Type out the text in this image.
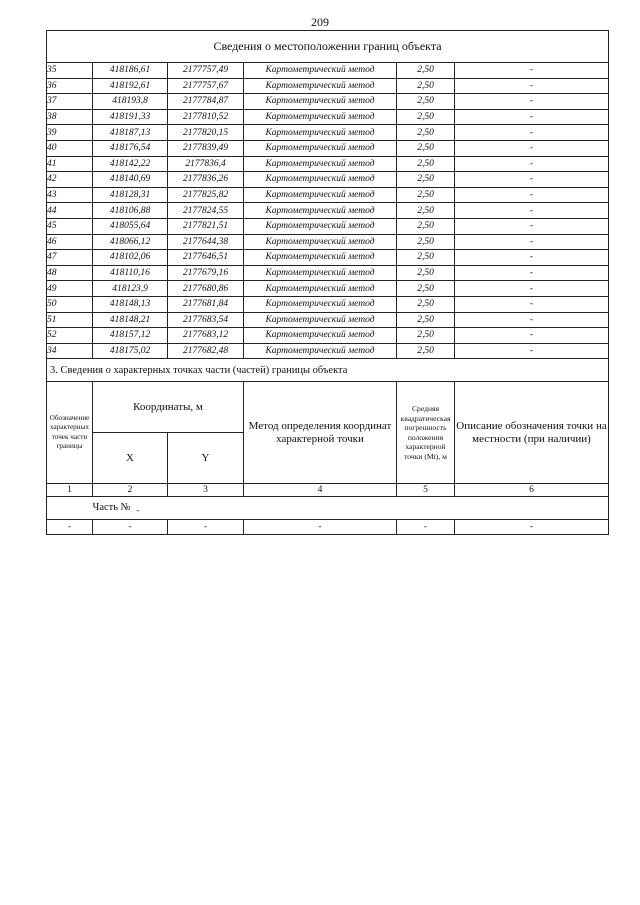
209
Сведения о местоположении границ объекта					
35	418186,61	2177757,49	Картометрический метод	2,50	-
36	418192,61	2177757,67	Картометрический метод	2,50	-
37	418193,8	2177784,87	Картометрический метод	2,50	-
38	418191,33	2177810,52	Картометрический метод	2,50	-
39	418187,13	2177820,15	Картометрический метод	2,50	-
40	418176,54	2177839,49	Картометрический метод	2,50	-
41	418142,22	2177836,4	Картометрический метод	2,50	-
42	418140,69	2177836,26	Картометрический метод	2,50	-
43	418128,31	2177825,82	Картометрический метод	2,50	-
44	418106,88	2177824,55	Картометрический метод	2,50	-
45	418055,64	2177821,51	Картометрический метод	2,50	-
46	418066,12	2177644,38	Картометрический метод	2,50	-
47	418102,06	2177646,51	Картометрический метод	2,50	-
48	418110,16	2177679,16	Картометрический метод	2,50	-
49	418123,9	2177680,86	Картометрический метод	2,50	-
50	418148,13	2177681,84	Картометрический метод	2,50	-
51	418148,21	2177683,54	Картометрический метод	2,50	-
52	418157,12	2177683,12	Картометрический метод	2,50	-
34	418175,02	2177682,48	Картометрический метод	2,50	-
3. Сведения о характерных точках части (частей) границы объекта					
Обозначение характерных точек части границы	Координаты, м		Метод определения координат характерной точки	Средняя квадратическая погрешность положения характерной точки (Mt), м	Описание обозначения точки на местности (при наличии)
	X	Y			
1	2	3	4	5	6
	Часть № -				
-	-	-	-	-	-
